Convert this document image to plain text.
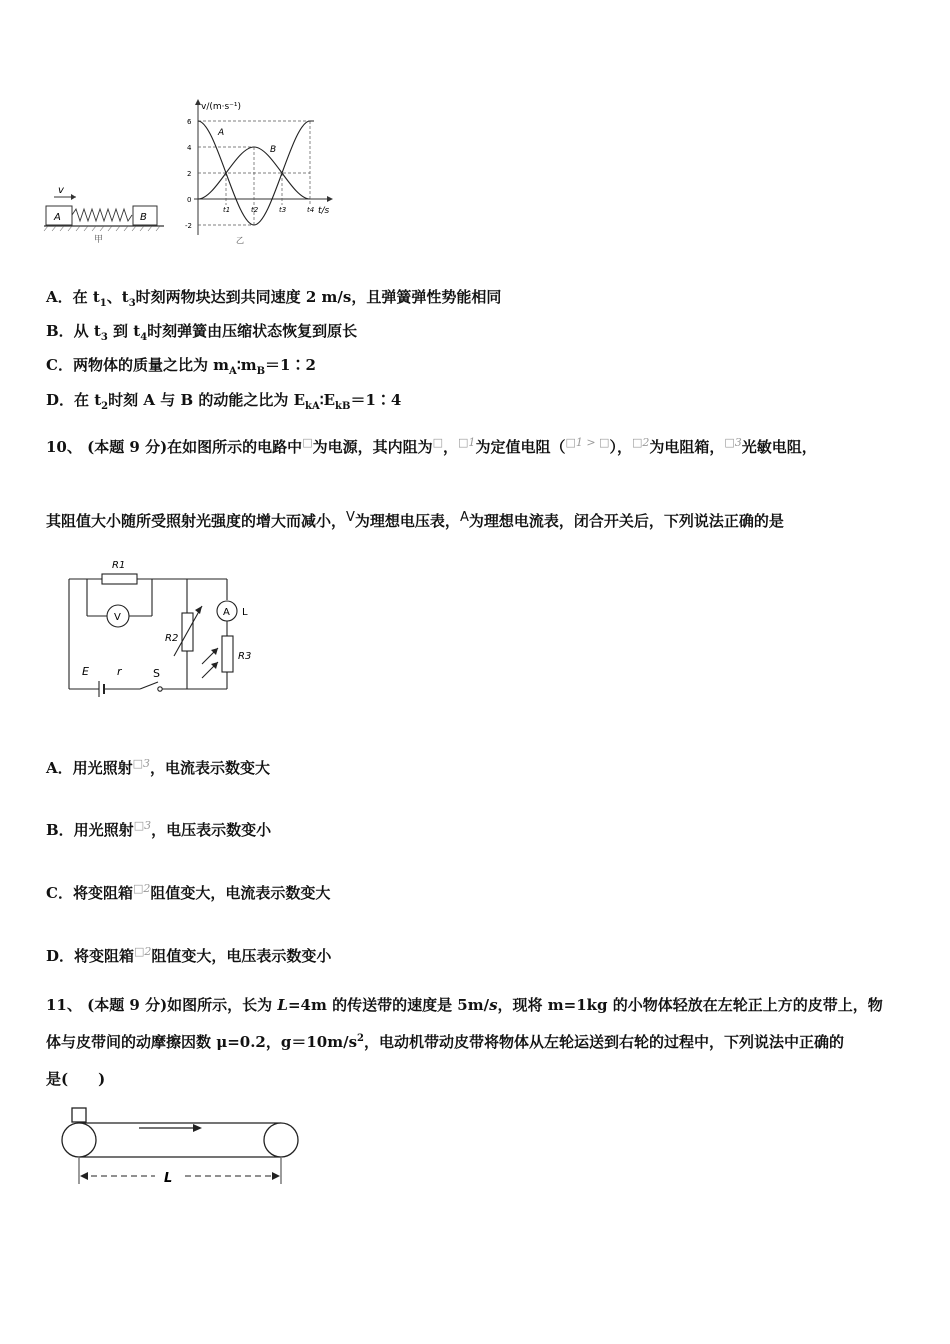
v
A	B
甲
v/(m·s⁻¹)
t/s
6
4
2
0
-2
t1	t2	t3	t4
A
B
乙
A．在 $t_1$、$t_3$时刻两物块达到共同速度 2 m/s，且弹簧弹性势能相同
B．从 $t_3$ 到 $t_4$时刻弹簧由压缩状态恢复到原长
C．两物体的质量之比为 $m_A∶m_B=1∶2$
D．在 $t_2$时刻 A 与 B 的动能之比为 $E_{kA}∶E_{kB}=1∶4$
10、 (本题 9 分)在如图所示的电路中□为电源，其内阻为□，□1为定值电阻（□1 > □），□2为电阻箱，□3光敏电阻，
其阻值大小随所受照射光强度的增大而减小，V为理想电压表，A为理想电流表，闭合开关后，下列说法正确的是
R1
V
R2
A L
R3
E	r	S
A．用光照射□3，电流表示数变大
B．用光照射□3，电压表示数变小
C．将变阻箱□2阻值变大，电流表示数变大
D．将变阻箱□2阻值变大，电压表示数变小
11、 (本题 9 分)如图所示，长为 L=4m 的传送带的速度是 5m/s，现将 m=1kg 的小物体轻放在左轮正上方的皮带上，物
体与皮带间的动摩擦因数 μ=0.2，$g=10m/s^2$，电动机带动皮带将物体从左轮运送到右轮的过程中，下列说法中正确的
是(　　)
L
